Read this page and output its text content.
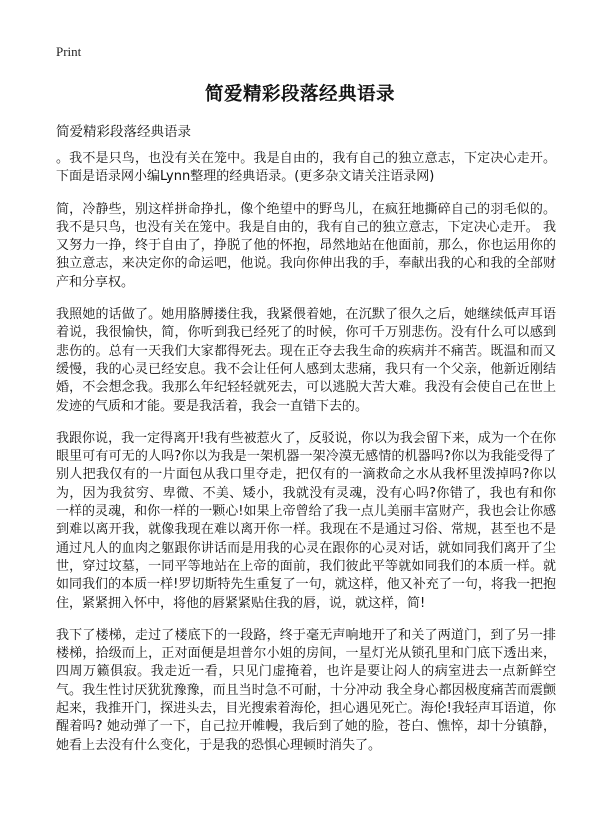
Print
简爱精彩段落经典语录
简爱精彩段落经典语录

。我不是只鸟，也没有关在笼中。我是自由的，我有自己的独立意志，下定决心走开。 下面是语录网小编Lynn整理的经典语录。(更多杂文请关注语录网)

简，冷静些，别这样拼命挣扎，像个绝望中的野鸟儿，在疯狂地撕碎自己的羽毛似的。我不是只鸟，也没有关在笼中。我是自由的，我有自己的独立意志，下定决心走开。 我又努力一挣，终于自由了，挣脱了他的怀抱，昂然地站在他面前，那么，你也运用你的独立意志，来决定你的命运吧，他说。我向你伸出我的手，奉献出我的心和我的全部财产和分享权。

我照她的话做了。她用胳膊搂住我，我紧偎着她，在沉默了很久之后，她继续低声耳语着说，我很愉快，简，你听到我已经死了的时候，你可千万别悲伤。没有什么可以感到悲伤的。总有一天我们大家都得死去。现在正夺去我生命的疾病并不痛苦。既温和而又缓慢，我的心灵已经安息。我不会让任何人感到太悲痛，我只有一个父亲，他新近刚结婚，不会想念我。我那么年纪轻轻就死去，可以逃脱大苦大难。我没有会使自己在世上发迹的气质和才能。要是我活着，我会一直错下去的。

我跟你说，我一定得离开!我有些被惹火了，反驳说，你以为我会留下来，成为一个在你眼里可有可无的人吗?你以为我是一架机器一架冷漠无感情的机器吗?你以为我能受得了别人把我仅有的一片面包从我口里夺走，把仅有的一滴救命之水从我杯里泼掉吗?你以为，因为我贫穷、卑微、不美、矮小，我就没有灵魂，没有心吗?你错了，我也有和你一样的灵魂，和你一样的一颗心!如果上帝曾给了我一点儿美丽丰富财产，我也会让你感到难以离开我，就像我现在难以离开你一样。我现在不是通过习俗、常规，甚至也不是通过凡人的血肉之躯跟你讲话而是用我的心灵在跟你的心灵对话，就如同我们离开了尘世，穿过坟墓，一同平等地站在上帝的面前，我们彼此平等就如同我们的本质一样。就如同我们的本质一样!罗切斯特先生重复了一句，就这样，他又补充了一句，将我一把抱住，紧紧拥入怀中，将他的唇紧紧贴住我的唇，说，就这样，简!

我下了楼梯，走过了楼底下的一段路，终于毫无声响地开了和关了两道门，到了另一排楼梯，拾级而上，正对面便是坦普尔小姐的房间，一星灯光从锁孔里和门底下透出来，四周万籁俱寂。我走近一看，只见门虚掩着，也许是要让闷人的病室进去一点新鲜空气。我生性讨厌犹犹豫豫，而且当时急不可耐，十分冲动 我全身心都因极度痛苦而震颤起来，我推开门，探进头去，目光搜索着海伦，担心遇见死亡。海伦!我轻声耳语道，你醒着吗? 她动弹了一下，自己拉开帷幔，我后到了她的脸，苍白、憔悴，却十分镇静，她看上去没有什么变化，于是我的恐惧心理顿时消失了。
